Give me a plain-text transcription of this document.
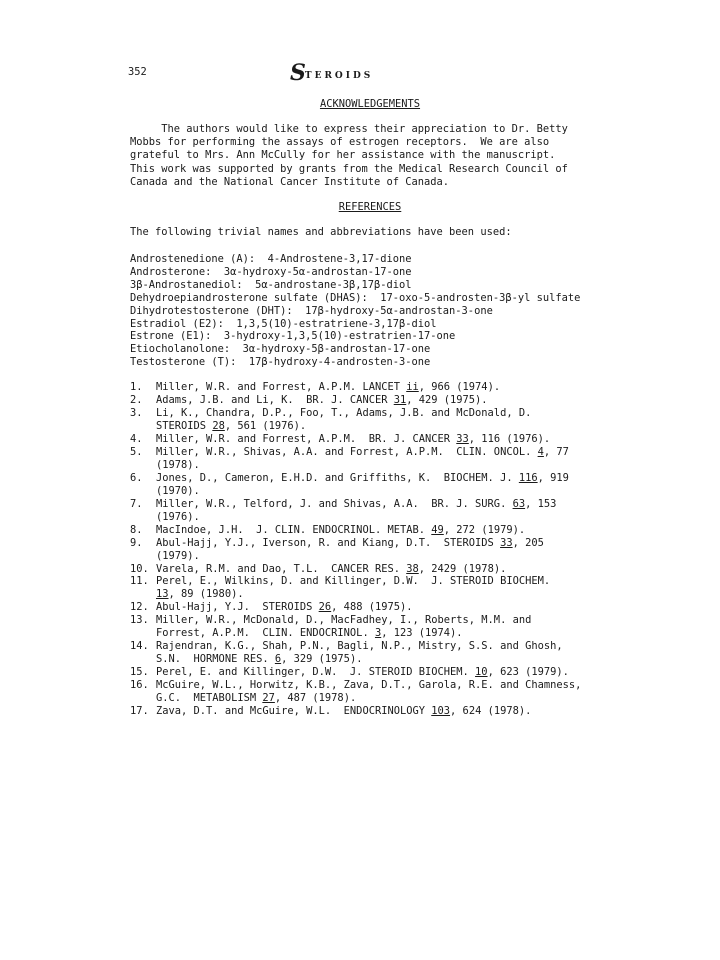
352	STEROIDS
ACKNOWLEDGEMENTS
The authors would like to express their appreciation to Dr. Betty
Mobbs for performing the assays of estrogen receptors.  We are also
grateful to Mrs. Ann McCully for her assistance with the manuscript.
This work was supported by grants from the Medical Research Council of
Canada and the National Cancer Institute of Canada.
REFERENCES
The following trivial names and abbreviations have been used:
Androstenedione (A):  4-Androstene-3,17-dione
Androsterone:  3α-hydroxy-5α-androstan-17-one
3β-Androstanediol:  5α-androstane-3β,17β-diol
Dehydroepiandrosterone sulfate (DHAS):  17-oxo-5-androsten-3β-yl sulfate
Dihydrotestosterone (DHT):  17β-hydroxy-5α-androstan-3-one
Estradiol (E2):  1,3,5(10)-estratriene-3,17β-diol
Estrone (E1):  3-hydroxy-1,3,5(10)-estratrien-17-one
Etiocholanolone:  3α-hydroxy-5β-androstan-17-one
Testosterone (T):  17β-hydroxy-4-androsten-3-one
1.	Miller, W.R. and Forrest, A.P.M. LANCET ii, 966 (1974).
2.	Adams, J.B. and Li, K.  BR. J. CANCER 31, 429 (1975).
3.	Li, K., Chandra, D.P., Foo, T., Adams, J.B. and McDonald, D.
STEROIDS 28, 561 (1976).
4.	Miller, W.R. and Forrest, A.P.M.  BR. J. CANCER 33, 116 (1976).
5.	Miller, W.R., Shivas, A.A. and Forrest, A.P.M.  CLIN. ONCOL. 4, 77
(1978).
6.	Jones, D., Cameron, E.H.D. and Griffiths, K.  BIOCHEM. J. 116, 919
(1970).
7.	Miller, W.R., Telford, J. and Shivas, A.A.  BR. J. SURG. 63, 153
(1976).
8.	MacIndoe, J.H.  J. CLIN. ENDOCRINOL. METAB. 49, 272 (1979).
9.	Abul-Hajj, Y.J., Iverson, R. and Kiang, D.T.  STEROIDS 33, 205
(1979).
10. Varela, R.M. and Dao, T.L.  CANCER RES. 38, 2429 (1978).
11. Perel, E., Wilkins, D. and Killinger, D.W.  J. STEROID BIOCHEM.
13, 89 (1980).
12. Abul-Hajj, Y.J.  STEROIDS 26, 488 (1975).
13. Miller, W.R., McDonald, D., MacFadhey, I., Roberts, M.M. and
Forrest, A.P.M.  CLIN. ENDOCRINOL. 3, 123 (1974).
14. Rajendran, K.G., Shah, P.N., Bagli, N.P., Mistry, S.S. and Ghosh,
S.N.  HORMONE RES. 6, 329 (1975).
15. Perel, E. and Killinger, D.W.  J. STEROID BIOCHEM. 10, 623 (1979).
16. McGuire, W.L., Horwitz, K.B., Zava, D.T., Garola, R.E. and Chamness,
G.C.  METABOLISM 27, 487 (1978).
17. Zava, D.T. and McGuire, W.L.  ENDOCRINOLOGY 103, 624 (1978).
